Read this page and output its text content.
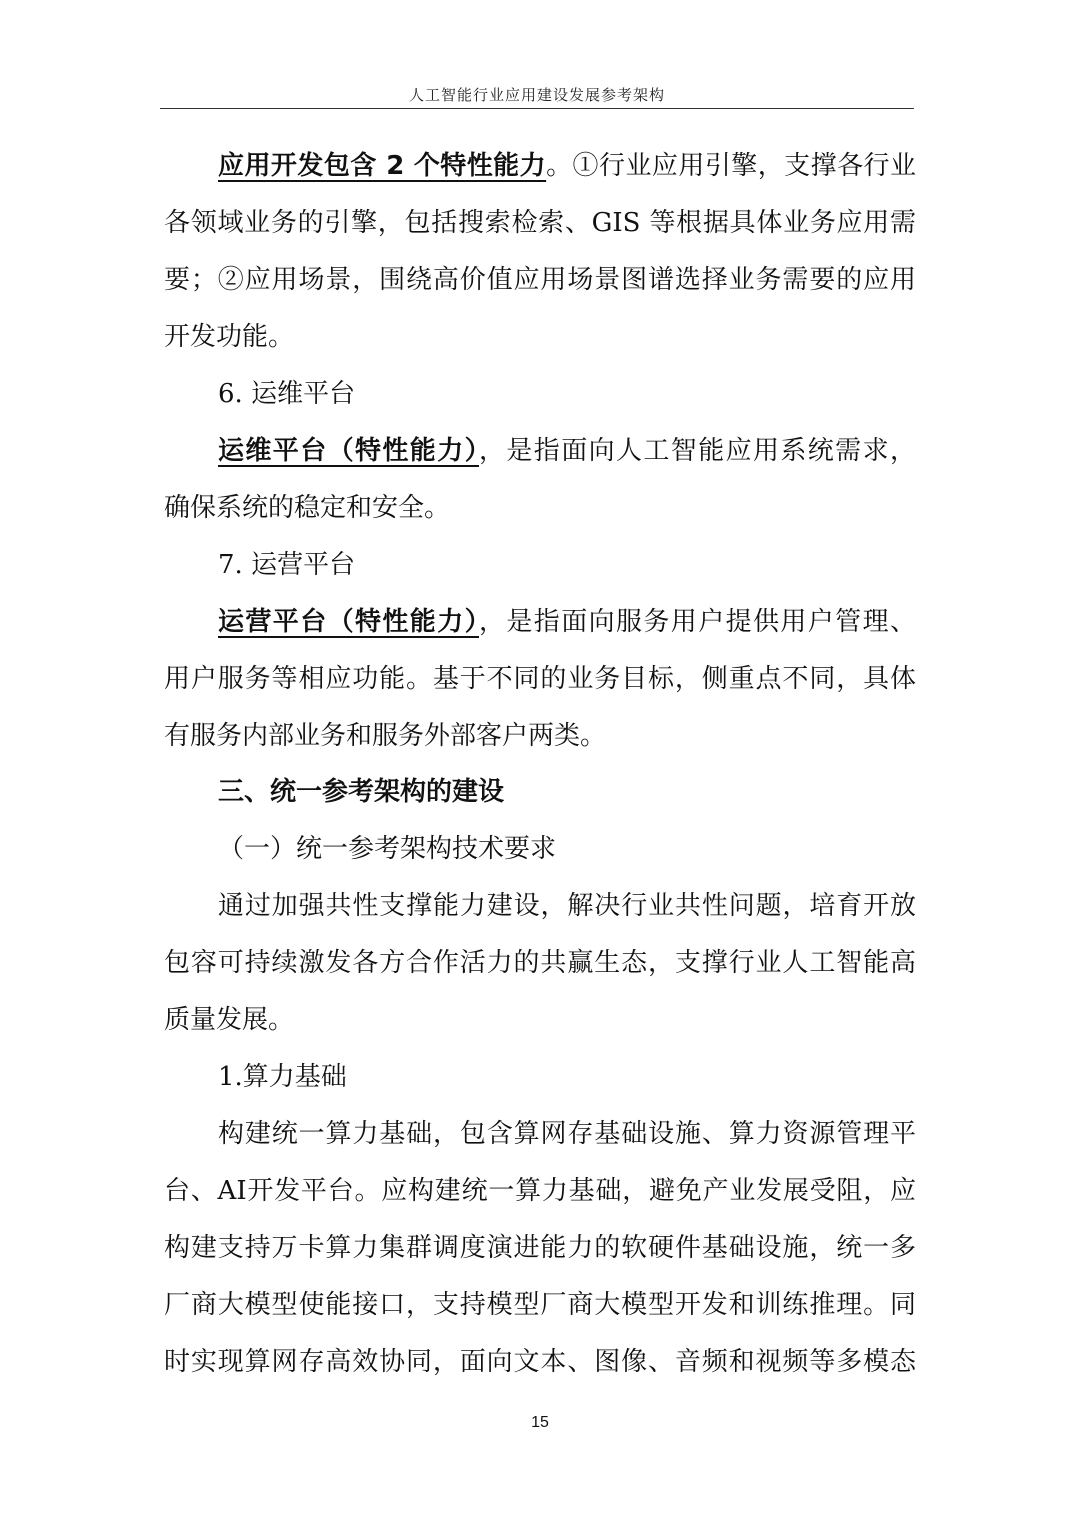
人工智能行业应用建设发展参考架构
应用开发包含 2 个特性能力。①行业应用引擎，支撑各行业
各领域业务的引擎，包括搜索检索、GIS 等根据具体业务应用需
要；②应用场景，围绕高价值应用场景图谱选择业务需要的应用
开发功能。
6. 运维平台
运维平台（特性能力），是指面向人工智能应用系统需求，
确保系统的稳定和安全。
7. 运营平台
运营平台（特性能力），是指面向服务用户提供用户管理、
用户服务等相应功能。基于不同的业务目标，侧重点不同，具体
有服务内部业务和服务外部客户两类。
三、统一参考架构的建设
（一）统一参考架构技术要求
通过加强共性支撑能力建设，解决行业共性问题，培育开放
包容可持续激发各方合作活力的共赢生态，支撑行业人工智能高
质量发展。
1.算力基础
构建统一算力基础，包含算网存基础设施、算力资源管理平
台、AI开发平台。应构建统一算力基础，避免产业发展受阻，应
构建支持万卡算力集群调度演进能力的软硬件基础设施，统一多
厂商大模型使能接口，支持模型厂商大模型开发和训练推理。同
时实现算网存高效协同，面向文本、图像、音频和视频等多模态
15
